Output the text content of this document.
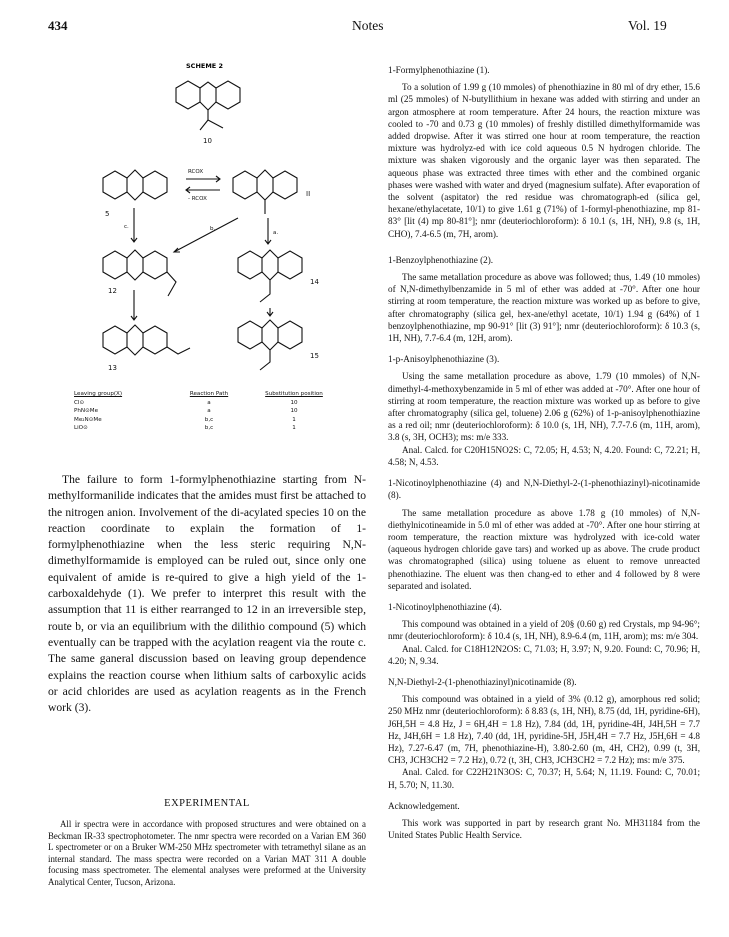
434	Notes	Vol. 19
SCHEME 2
10
5
II
12
14
13
15
RCOX
- RCOX
b.
c.
a.
Leaving group(X)	Reaction Path	Substitution position
Cl⊙	a	10
PhN⊙Me	a	10
Me₂N⊙Me	b,c	1
LiO⊙	b,c	1

The failure to form 1-formylphenothiazine starting from N-methylformanilide indicates that the amides must first be attached to the nitrogen anion. Involvement of the di-acylated species 10 on the reaction coordinate to explain the formation of 1-formylphenothiazine when the less steric requiring N,N-dimethylformamide is employed can be ruled out, since only one equivalent of amide is re-quired to give a high yield of the 1-carboxaldehyde (1). We prefer to interpret this result with the assumption that 11 is either rearranged to 12 in an irreversible step, route b, or via an equilibrium with the dilithio compound (5) which eventually can be trapped with the acylation reagent via the route c. The same ganeral discussion based on leaving group dependence explains the reaction course when lithium salts of carboxylic acids or acid chlorides are used as acylation reagents as in the French work (3).

EXPERIMENTAL

All ir spectra were in accordance with proposed structures and were obtained on a Beckman IR-33 spectrophotometer. The nmr spectra were recorded on a Varian EM 360 L spectrometer or on a Bruker WM-250 MHz spectrometer with tetramethyl silane as an internal standard. The mass spectra were recorded on a Varian MAT 311 A double focusing mass spectrometer. The elemental analyses were preformed at the University Analytical Center, Tucson, Arizona.

1-Formylphenothiazine (1).

To a solution of 1.99 g (10 mmoles) of phenothiazine in 80 ml of dry ether, 15.6 ml (25 mmoles) of N-butyllithium in hexane was added with stirring and under an argon atmosphere at room temperature. After 24 hours, the reaction mixture was cooled to -70 and 0.73 g (10 mmoles) of freshly distilled dimethylformamide was added dropwise. After it was stirred one hour at room temperature, the reaction mixture was hydrolyz-ed with ice cold aqueous 0.5 N hydrogen chloride. The mixture was shaken vigorously and the organic layer was then separated. The aqueous phase was extracted three times with ether and the combined organic phases were washed with water and dryed (magnesium sulfate). After evaporation of the solvent (aspitator) the red residue was chromatograph-ed (silica gel, hexane/ethylacetate, 10/1) to give 1.61 g (71%) of 1-formyl-phenothiazine, mp 81-83° [lit (4) mp 80-81°]; nmr (deuteriochloroform): δ 10.1 (s, 1H, NH), 9.8 (s, 1H, CHO), 7.4-6.5 (m, 7H, arom).

1-Benzoylphenothiazine (2).

The same metallation procedure as above was followed; thus, 1.49 (10 mmoles) of N,N-dimethylbenzamide in 5 ml of ether was added at -70°. After one hour stirring at room temperature, the reaction mixture was worked up as before to give, after chromatography (silica gel, hex-ane/ethyl acetate, 10/1) 1.94 g (64%) of 1 benzoylphenothiazine, mp 90-91° [lit (3) 91°]; nmr (deuteriochloroform): δ 10.3 (s, 1H, NH), 7.7-6.4 (m, 12H, arom).

1-p-Anisoylphenothiazine (3).

Using the same metallation procedure as above, 1.79 (10 mmoles) of N,N-dimethyl-4-methoxybenzamide in 5 ml of ether was added at -70°. After one hour of stirring at room temperature, the reaction mixture was worked up as before to give after chromatography (silica gel, toluene) 2.06 g (62%) of 1-p-anisoylphenothiazine as a red oil; nmr (deuteriochloroform): δ 10.0 (s, 1H, NH), 7.7-7.6 (m, 11H, arom), 3.8 (s, 3H, OCH3); ms: m/e 333.

Anal. Calcd. for C20H15NO2S: C, 72.05; H, 4.53; N, 4.20. Found: C, 72.21; H, 4.58; N, 4.53.

1-Nicotinoylphenothiazine (4) and N,N-Diethyl-2-(1-phenothiazinyl)-nicotinamide (8).

The same metallation procedure as above 1.78 g (10 mmoles) of N,N-diethylnicotineamide in 5.0 ml of ether was added at -70°. After one hour stirring at room temperature, the reaction mixture was hydrolyzed with ice-cold water (aqueous hydrogen chloride gave tars) and worked up as above. The crude product was chromatographed (silica) using toluene as eluent to remove unreacted phenothiazine. The eluent was then chang-ed to ether and 4 followed by 8 were separated and isolated.

1-Nicotinoylphenothiazine (4).

This compound was obtained in a yield of 20§ (0.60 g) red Crystals, mp 94-96°; nmr (deuteriochloroform): δ 10.4 (s, 1H, NH), 8.9-6.4 (m, 11H, arom); ms: m/e 304.

Anal. Calcd. for C18H12N2OS: C, 71.03; H, 3.97; N, 9.20. Found: C, 70.96; H, 4.20; N, 9.34.

N,N-Diethyl-2-(1-phenothiazinyl)nicotinamide (8).

This compound was obtained in a yield of 3% (0.12 g), amorphous red solid; 250 MHz nmr (deuteriochloroform): δ 8.83 (s, 1H, NH), 8.75 (dd, 1H, pyridine-6H), J6H,5H = 4.8 Hz, J = 6H,4H = 1.8 Hz), 7.84 (dd, 1H, pyridine-4H, J4H,5H = 7.7 Hz, J4H,6H = 1.8 Hz), 7.40 (dd, 1H, pyridine-5H, J5H,4H = 7.7 Hz, J5H,6H = 4.8 Hz), 7.27-6.47 (m, 7H, phenothiazine-H), 3.80-2.60 (m, 4H, CH2), 0.99 (t, 3H, CH3, JCH3CH2 = 7.2 Hz), 0.72 (t, 3H, CH3, JCH3CH2 = 7.2 Hz); ms: m/e 375.

Anal. Calcd. for C22H21N3OS: C, 70.37; H, 5.64; N, 11.19. Found: C, 70.01; H, 5.70; N, 11.30.

Acknowledgement.

This work was supported in part by research grant No. MH31184 from the United States Public Health Service.
